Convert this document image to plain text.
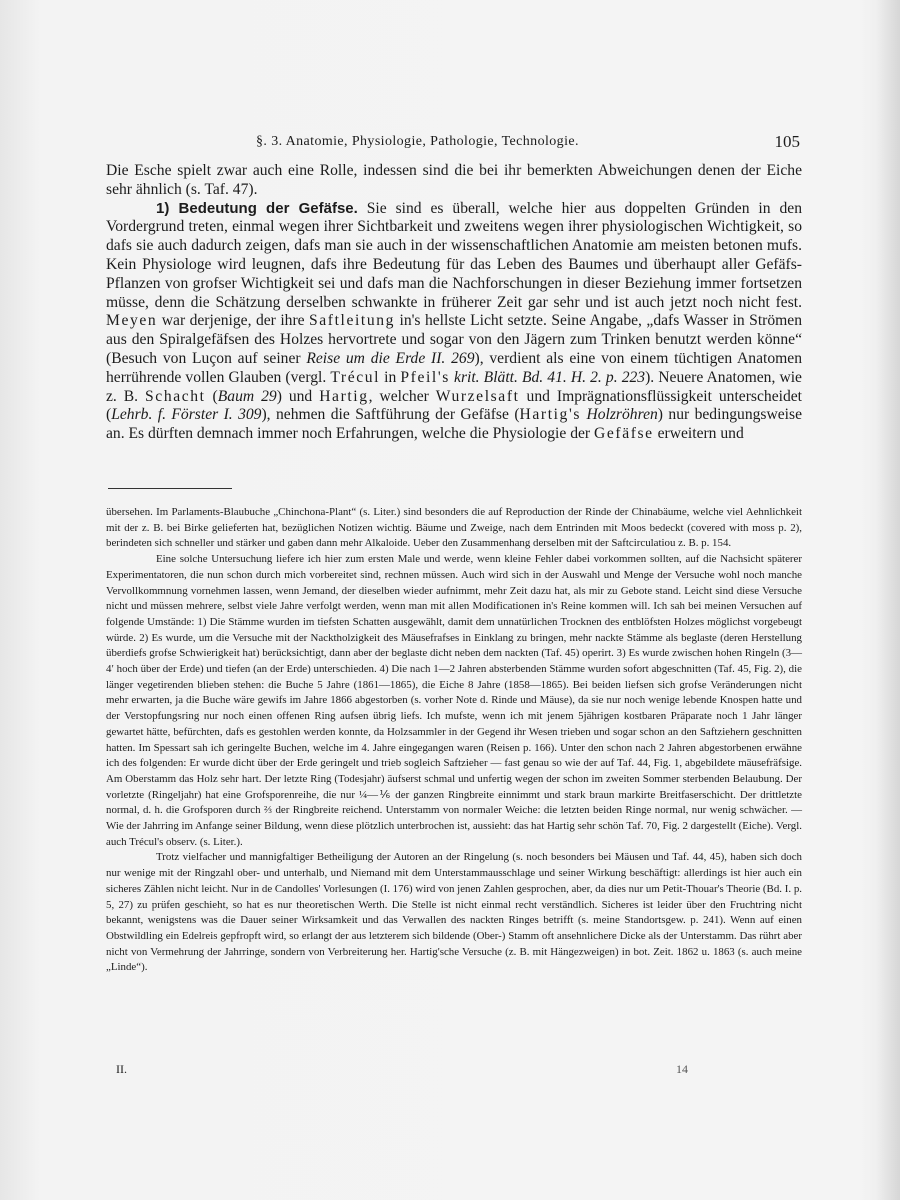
§. 3. Anatomie, Physiologie, Pathologie, Technologie.	105

Die Esche spielt zwar auch eine Rolle, indessen sind die bei ihr bemerkten Abweichungen denen der Eiche sehr ähnlich (s. Taf. 47).

1) Bedeutung der Gefäfse. Sie sind es überall, welche hier aus doppelten Gründen in den Vordergrund treten, einmal wegen ihrer Sichtbarkeit und zweitens wegen ihrer physiologischen Wichtigkeit, so dafs sie auch dadurch zeigen, dafs man sie auch in der wissenschaftlichen Anatomie am meisten betonen mufs. Kein Physiologe wird leugnen, dafs ihre Bedeutung für das Leben des Baumes und überhaupt aller Gefäfs-Pflanzen von grofser Wichtigkeit sei und dafs man die Nachforschungen in dieser Beziehung immer fortsetzen müsse, denn die Schätzung derselben schwankte in früherer Zeit gar sehr und ist auch jetzt noch nicht fest. Meyen war derjenige, der ihre Saftleitung in's hellste Licht setzte. Seine Angabe, „dafs Wasser in Strömen aus den Spiralgefäfsen des Holzes hervortrete und sogar von den Jägern zum Trinken benutzt werden könne“ (Besuch von Luçon auf seiner Reise um die Erde II. 269), verdient als eine von einem tüchtigen Anatomen herrührende vollen Glauben (vergl. Trécul in Pfeil's krit. Blätt. Bd. 41. H. 2. p. 223). Neuere Anatomen, wie z. B. Schacht (Baum 29) und Hartig, welcher Wurzelsaft und Imprägnationsflüssigkeit unterscheidet (Lehrb. f. Förster I. 309), nehmen die Saftführung der Gefäfse (Hartig's Holzröhren) nur bedingungsweise an. Es dürften demnach immer noch Erfahrungen, welche die Physiologie der Gefäfse erweitern und

übersehen. Im Parlaments-Blaubuche „Chinchona-Plant“ (s. Liter.) sind besonders die auf Reproduction der Rinde der Chinabäume, welche viel Aehnlichkeit mit der z. B. bei Birke gelieferten hat, bezüglichen Notizen wichtig. Bäume und Zweige, nach dem Entrinden mit Moos bedeckt (covered with moss p. 2), berindeten sich schneller und stärker und gaben dann mehr Alkaloide. Ueber den Zusammenhang derselben mit der Saftcirculatiou z. B. p. 154.

Eine solche Untersuchung liefere ich hier zum ersten Male und werde, wenn kleine Fehler dabei vorkommen sollten, auf die Nachsicht späterer Experimentatoren, die nun schon durch mich vorbereitet sind, rechnen müssen. Auch wird sich in der Auswahl und Menge der Versuche wohl noch manche Vervollkommnung vornehmen lassen, wenn Jemand, der dieselben wieder aufnimmt, mehr Zeit dazu hat, als mir zu Gebote stand. Leicht sind diese Versuche nicht und müssen mehrere, selbst viele Jahre verfolgt werden, wenn man mit allen Modificationen in's Reine kommen will. Ich sah bei meinen Versuchen auf folgende Umstände: 1) Die Stämme wurden im tiefsten Schatten ausgewählt, damit dem unnatürlichen Trocknen des entblöfsten Holzes möglichst vorgebeugt würde. 2) Es wurde, um die Versuche mit der Nacktholzigkeit des Mäusefrafses in Einklang zu bringen, mehr nackte Stämme als beglaste (deren Herstellung überdiefs grofse Schwierigkeit hat) berücksichtigt, dann aber der beglaste dicht neben dem nackten (Taf. 45) operirt. 3) Es wurde zwischen hohen Ringeln (3—4′ hoch über der Erde) und tiefen (an der Erde) unterschieden. 4) Die nach 1—2 Jahren absterbenden Stämme wurden sofort abgeschnitten (Taf. 45, Fig. 2), die länger vegetirenden blieben stehen: die Buche 5 Jahre (1861—1865), die Eiche 8 Jahre (1858—1865). Bei beiden liefsen sich grofse Veränderungen nicht mehr erwarten, ja die Buche wäre gewifs im Jahre 1866 abgestorben (s. vorher Note d. Rinde und Mäuse), da sie nur noch wenige lebende Knospen hatte und der Verstopfungsring nur noch einen offenen Ring aufsen übrig liefs. Ich mufste, wenn ich mit jenem 5jährigen kostbaren Präparate noch 1 Jahr länger gewartet hätte, befürchten, dafs es gestohlen werden konnte, da Holzsammler in der Gegend ihr Wesen trieben und sogar schon an den Saftziehern geschnitten hatten. Im Spessart sah ich geringelte Buchen, welche im 4. Jahre eingegangen waren (Reisen p. 166). Unter den schon nach 2 Jahren abgestorbenen erwähne ich des folgenden: Er wurde dicht über der Erde geringelt und trieb sogleich Saftzieher — fast genau so wie der auf Taf. 44, Fig. 1, abgebildete mäusefräfsige. Am Oberstamm das Holz sehr hart. Der letzte Ring (Todesjahr) äufserst schmal und unfertig wegen der schon im zweiten Sommer sterbenden Belaubung. Der vorletzte (Ringeljahr) hat eine Grofsporenreihe, die nur ¼—⅙ der ganzen Ringbreite einnimmt und stark braun markirte Breitfaserschicht. Der drittletzte normal, d. h. die Grofsporen durch ⅔ der Ringbreite reichend. Unterstamm von normaler Weiche: die letzten beiden Ringe normal, nur wenig schwächer. — Wie der Jahrring im Anfange seiner Bildung, wenn diese plötzlich unterbrochen ist, aussieht: das hat Hartig sehr schön Taf. 70, Fig. 2 dargestellt (Eiche). Vergl. auch Trécul's observ. (s. Liter.).

Trotz vielfacher und mannigfaltiger Betheiligung der Autoren an der Ringelung (s. noch besonders bei Mäusen und Taf. 44, 45), haben sich doch nur wenige mit der Ringzahl ober- und unterhalb, und Niemand mit dem Unterstammausschlage und seiner Wirkung beschäftigt: allerdings ist hier auch ein sicheres Zählen nicht leicht. Nur in de Candolles' Vorlesungen (I. 176) wird von jenen Zahlen gesprochen, aber, da dies nur um Petit-Thouar's Theorie (Bd. I. p. 5, 27) zu prüfen geschieht, so hat es nur theoretischen Werth. Die Stelle ist nicht einmal recht verständlich. Sicheres ist leider über den Fruchtring nicht bekannt, wenigstens was die Dauer seiner Wirksamkeit und das Verwallen des nackten Ringes betrifft (s. meine Standortsgew. p. 241). Wenn auf einen Obstwildling ein Edelreis gepfropft wird, so erlangt der aus letzterem sich bildende (Ober-) Stamm oft ansehnlichere Dicke als der Unterstamm. Das rührt aber nicht von Vermehrung der Jahrringe, sondern von Verbreiterung her. Hartig'sche Versuche (z. B. mit Hängezweigen) in bot. Zeit. 1862 u. 1863 (s. auch meine „Linde“).

II.	14
